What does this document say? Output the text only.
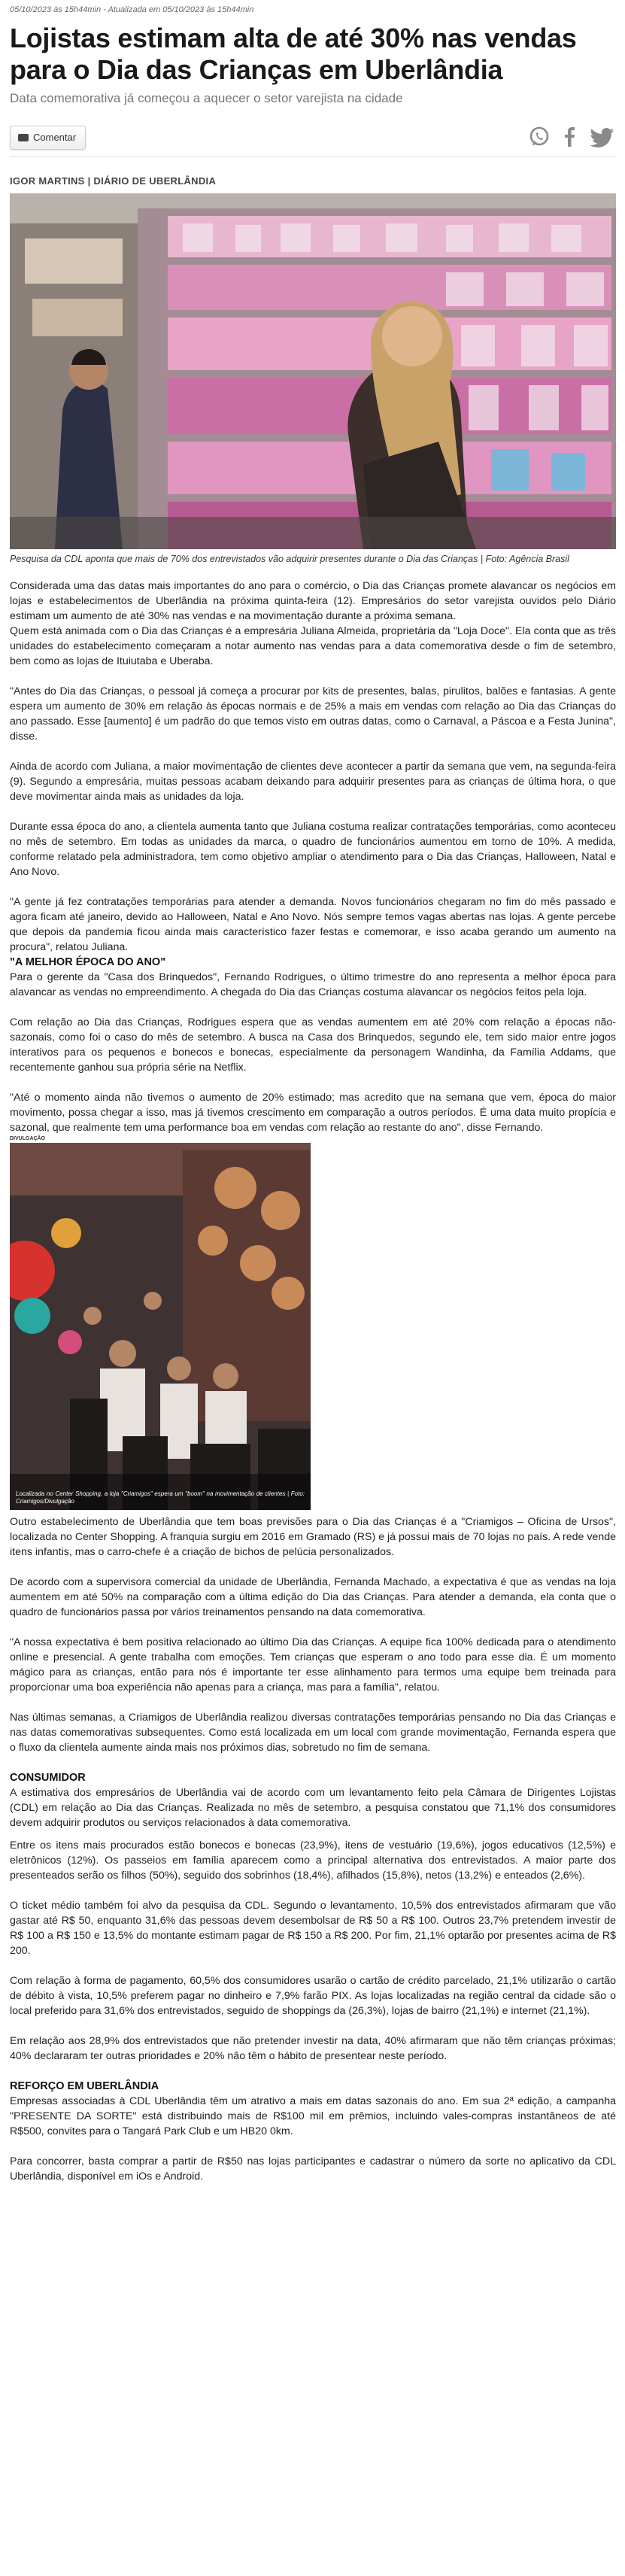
05/10/2023 às 15h44min - Atualizada em 05/10/2023 às 15h44min
Lojistas estimam alta de até 30% nas vendas para o Dia das Crianças em Uberlândia
Data comemorativa já começou a aquecer o setor varejista na cidade
Comentar

IGOR MARTINS | DIÁRIO DE UBERLÂNDIA
Pesquisa da CDL aponta que mais de 70% dos entrevistados vão adquirir presentes durante o Dia das Crianças | Foto: Agência Brasil

Considerada uma das datas mais importantes do ano para o comércio, o Dia das Crianças promete alavancar os negócios em lojas e estabelecimentos de Uberlândia na próxima quinta-feira (12). Empresários do setor varejista ouvidos pelo Diário estimam um aumento de até 30% nas vendas e na movimentação durante a próxima semana.

Quem está animada com o Dia das Crianças é a empresária Juliana Almeida, proprietária da "Loja Doce". Ela conta que as três unidades do estabelecimento começaram a notar aumento nas vendas para a data comemorativa desde o fim de setembro, bem como as lojas de Ituiutaba e Uberaba.

"Antes do Dia das Crianças, o pessoal já começa a procurar por kits de presentes, balas, pirulitos, balões e fantasias. A gente espera um aumento de 30% em relação às épocas normais e de 25% a mais em vendas com relação ao Dia das Crianças do ano passado. Esse [aumento] é um padrão do que temos visto em outras datas, como o Carnaval, a Páscoa e a Festa Junina", disse.

Ainda de acordo com Juliana, a maior movimentação de clientes deve acontecer a partir da semana que vem, na segunda-feira (9). Segundo a empresária, muitas pessoas acabam deixando para adquirir presentes para as crianças de última hora, o que deve movimentar ainda mais as unidades da loja.

Durante essa época do ano, a clientela aumenta tanto que Juliana costuma realizar contratações temporárias, como aconteceu no mês de setembro. Em todas as unidades da marca, o quadro de funcionários aumentou em torno de 10%. A medida, conforme relatado pela administradora, tem como objetivo ampliar o atendimento para o Dia das Crianças, Halloween, Natal e Ano Novo.

"A gente já fez contratações temporárias para atender a demanda. Novos funcionários chegaram no fim do mês passado e agora ficam até janeiro, devido ao Halloween, Natal e Ano Novo. Nós sempre temos vagas abertas nas lojas. A gente percebe que depois da pandemia ficou ainda mais característico fazer festas e comemorar, e isso acaba gerando um aumento na procura", relatou Juliana.

"A MELHOR ÉPOCA DO ANO"

Para o gerente da "Casa dos Brinquedos", Fernando Rodrigues, o último trimestre do ano representa a melhor época para alavancar as vendas no empreendimento. A chegada do Dia das Crianças costuma alavancar os negócios feitos pela loja.

Com relação ao Dia das Crianças, Rodrigues espera que as vendas aumentem em até 20% com relação a épocas não-sazonais, como foi o caso do mês de setembro. A busca na Casa dos Brinquedos, segundo ele, tem sido maior entre jogos interativos para os pequenos e bonecos e bonecas, especialmente da personagem Wandinha, da Família Addams, que recentemente ganhou sua própria série na Netflix.

"Até o momento ainda não tivemos o aumento de 20% estimado; mas acredito que na semana que vem, época do maior movimento, possa chegar a isso, mas já tivemos crescimento em comparação a outros períodos. É uma data muito propícia e sazonal, que realmente tem uma performance boa em vendas com relação ao restante do ano", disse Fernando.

DIVULGAÇÃO
Localizada no Center Shopping, a loja "Criamigos" espera um "boom" na movimentação de clientes | Foto: Criamigos/Divulgação

Outro estabelecimento de Uberlândia que tem boas previsões para o Dia das Crianças é a "Criamigos – Oficina de Ursos", localizada no Center Shopping. A franquia surgiu em 2016 em Gramado (RS) e já possui mais de 70 lojas no país. A rede vende itens infantis, mas o carro-chefe é a criação de bichos de pelúcia personalizados.

De acordo com a supervisora comercial da unidade de Uberlândia, Fernanda Machado, a expectativa é que as vendas na loja aumentem em até 50% na comparação com a última edição do Dia das Crianças. Para atender a demanda, ela conta que o quadro de funcionários passa por vários treinamentos pensando na data comemorativa.

"A nossa expectativa é bem positiva relacionado ao último Dia das Crianças. A equipe fica 100% dedicada para o atendimento online e presencial. A gente trabalha com emoções. Tem crianças que esperam o ano todo para esse dia. É um momento mágico para as crianças, então para nós é importante ter esse alinhamento para termos uma equipe bem treinada para proporcionar uma boa experiência não apenas para a criança, mas para a família", relatou.

Nas últimas semanas, a Criamigos de Uberlândia realizou diversas contratações temporárias pensando no Dia das Crianças e nas datas comemorativas subsequentes. Como está localizada em um local com grande movimentação, Fernanda espera que o fluxo da clientela aumente ainda mais nos próximos dias, sobretudo no fim de semana.

CONSUMIDOR

A estimativa dos empresários de Uberlândia vai de acordo com um levantamento feito pela Câmara de Dirigentes Lojistas (CDL) em relação ao Dia das Crianças. Realizada no mês de setembro, a pesquisa constatou que 71,1% dos consumidores devem adquirir produtos ou serviços relacionados à data comemorativa.

Entre os itens mais procurados estão bonecos e bonecas (23,9%), itens de vestuário (19,6%), jogos educativos (12,5%) e eletrônicos (12%). Os passeios em família aparecem como a principal alternativa dos entrevistados. A maior parte dos presenteados serão os filhos (50%), seguido dos sobrinhos (18,4%), afilhados (15,8%), netos (13,2%) e enteados (2,6%).

O ticket médio também foi alvo da pesquisa da CDL. Segundo o levantamento, 10,5% dos entrevistados afirmaram que vão gastar até R$ 50, enquanto 31,6% das pessoas devem desembolsar de R$ 50 a R$ 100. Outros 23,7% pretendem investir de R$ 100 a R$ 150 e 13,5% do montante estimam pagar de R$ 150 a R$ 200. Por fim, 21,1% optarão por presentes acima de R$ 200.

Com relação à forma de pagamento, 60,5% dos consumidores usarão o cartão de crédito parcelado, 21,1% utilizarão o cartão de débito à vista, 10,5% preferem pagar no dinheiro e 7,9% farão PIX. As lojas localizadas na região central da cidade são o local preferido para 31,6% dos entrevistados, seguido de shoppings da (26,3%), lojas de bairro (21,1%) e internet (21,1%).

Em relação aos 28,9% dos entrevistados que não pretender investir na data, 40% afirmaram que não têm crianças próximas; 40% declararam ter outras prioridades e 20% não têm o hábito de presentear neste período.

REFORÇO EM UBERLÂNDIA

Empresas associadas à CDL Uberlândia têm um atrativo a mais em datas sazonais do ano. Em sua 2ª edição, a campanha "PRESENTE DA SORTE" está distribuindo mais de R$100 mil em prêmios, incluindo vales-compras instantâneos de até R$500, convites para o Tangará Park Club e um HB20 0km.

Para concorrer, basta comprar a partir de R$50 nas lojas participantes e cadastrar o número da sorte no aplicativo da CDL Uberlândia, disponível em iOs e Android.
